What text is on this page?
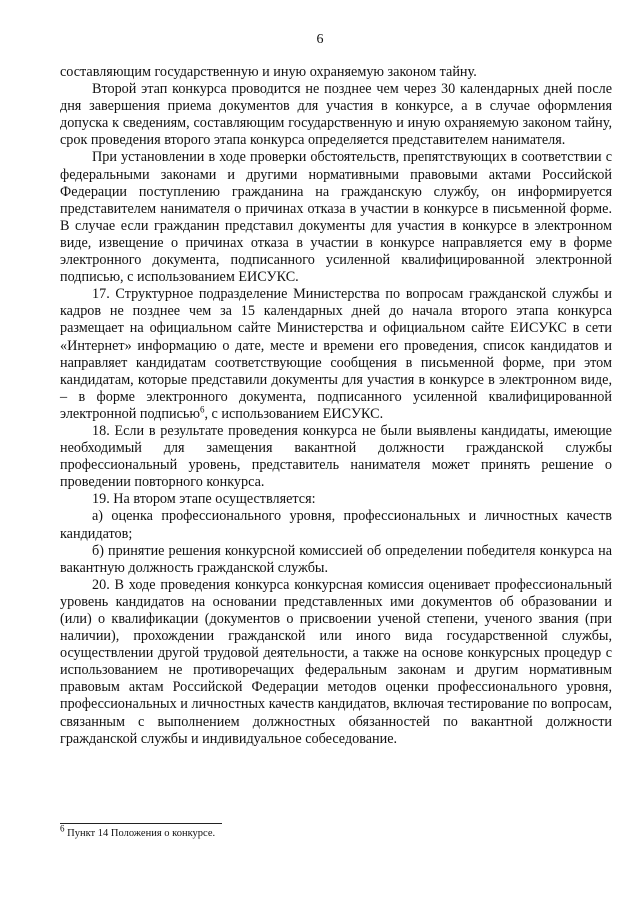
6

составляющим государственную и иную охраняемую законом тайну.

Второй этап конкурса проводится не позднее чем через 30 календарных дней после дня завершения приема документов для участия в конкурсе, а в случае оформления допуска к сведениям, составляющим государственную и иную охраняемую законом тайну, срок проведения второго этапа конкурса определяется представителем нанимателя.

При установлении в ходе проверки обстоятельств, препятствующих в соответствии с федеральными законами и другими нормативными правовыми актами Российской Федерации поступлению гражданина на гражданскую службу, он информируется представителем нанимателя о причинах отказа в участии в конкурсе в письменной форме. В случае если гражданин представил документы для участия в конкурсе в электронном виде, извещение о причинах отказа в участии в конкурсе направляется ему в форме электронного документа, подписанного усиленной квалифицированной электронной подписью, с использованием ЕИСУКС.

17. Структурное подразделение Министерства по вопросам гражданской службы и кадров не позднее чем за 15 календарных дней до начала второго этапа конкурса размещает на официальном сайте Министерства и официальном сайте ЕИСУКС в сети «Интернет» информацию о дате, месте и времени его проведения, список кандидатов и направляет кандидатам соответствующие сообщения в письменной форме, при этом кандидатам, которые представили документы для участия в конкурсе в электронном виде, – в форме электронного документа, подписанного усиленной квалифицированной электронной подписью$^6$, с использованием ЕИСУКС.

18. Если в результате проведения конкурса не были выявлены кандидаты, имеющие необходимый для замещения вакантной должности гражданской службы профессиональный уровень, представитель нанимателя может принять решение о проведении повторного конкурса.

19. На втором этапе осуществляется:

а) оценка профессионального уровня, профессиональных и личностных качеств кандидатов;

б) принятие решения конкурсной комиссией об определении победителя конкурса на вакантную должность гражданской службы.

20. В ходе проведения конкурса конкурсная комиссия оценивает профессиональный уровень кандидатов на основании представленных ими документов об образовании и (или) о квалификации (документов о присвоении ученой степени, ученого звания (при наличии), прохождении гражданской или иного вида государственной службы, осуществлении другой трудовой деятельности, а также на основе конкурсных процедур с использованием не противоречащих федеральным законам и другим нормативным правовым актам Российской Федерации методов оценки профессионального уровня, профессиональных и личностных качеств кандидатов, включая тестирование по вопросам, связанным с выполнением должностных обязанностей по вакантной должности гражданской службы и индивидуальное собеседование.

$^6$ Пункт 14 Положения о конкурсе.
